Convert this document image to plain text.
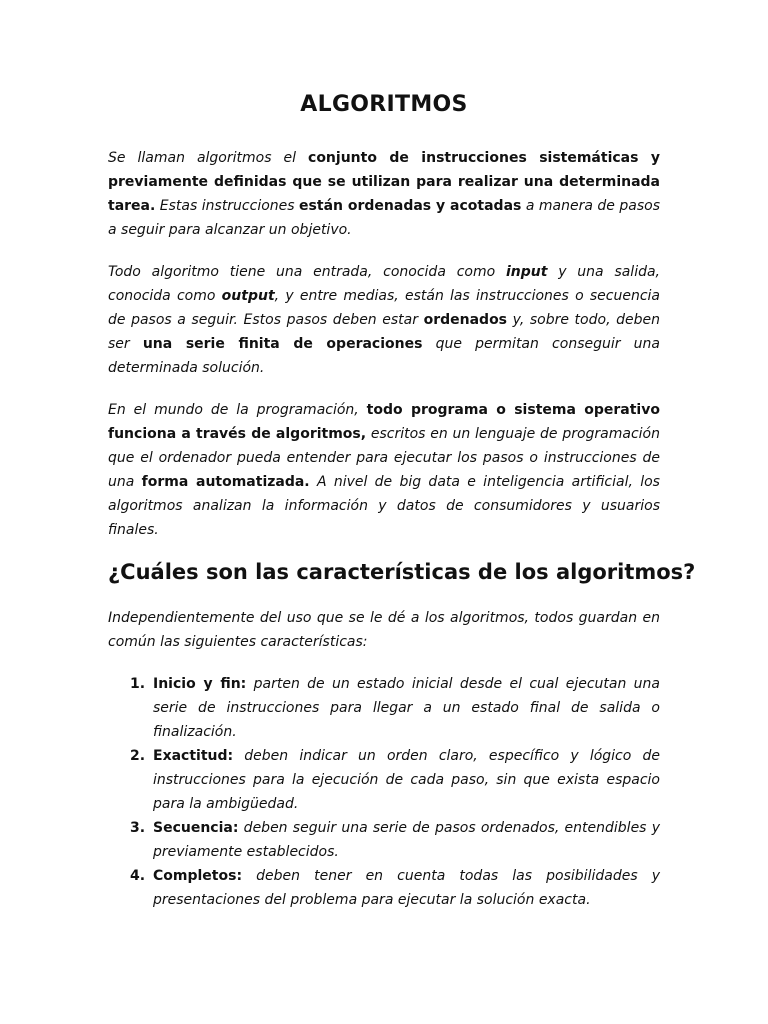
ALGORITMOS

Se llaman algoritmos el conjunto de instrucciones sistemáticas y previamente definidas que se utilizan para realizar una determinada tarea. Estas instrucciones están ordenadas y acotadas a manera de pasos a seguir para alcanzar un objetivo.

Todo algoritmo tiene una entrada, conocida como input y una salida, conocida como output, y entre medias, están las instrucciones o secuencia de pasos a seguir. Estos pasos deben estar ordenados y, sobre todo, deben ser una serie finita de operaciones que permitan conseguir una determinada solución.

En el mundo de la programación, todo programa o sistema operativo funciona a través de algoritmos, escritos en un lenguaje de programación que el ordenador pueda entender para ejecutar los pasos o instrucciones de una forma automatizada. A nivel de big data e inteligencia artificial, los algoritmos analizan la información y datos de consumidores y usuarios finales.

¿Cuáles son las características de los algoritmos?

Independientemente del uso que se le dé a los algoritmos, todos guardan en común las siguientes características:

1. Inicio y fin: parten de un estado inicial desde el cual ejecutan una serie de instrucciones para llegar a un estado final de salida o finalización.
2. Exactitud: deben indicar un orden claro, específico y lógico de instrucciones para la ejecución de cada paso, sin que exista espacio para la ambigüedad.
3. Secuencia: deben seguir una serie de pasos ordenados, entendibles y previamente establecidos.
4. Completos: deben tener en cuenta todas las posibilidades y presentaciones del problema para ejecutar la solución exacta.
